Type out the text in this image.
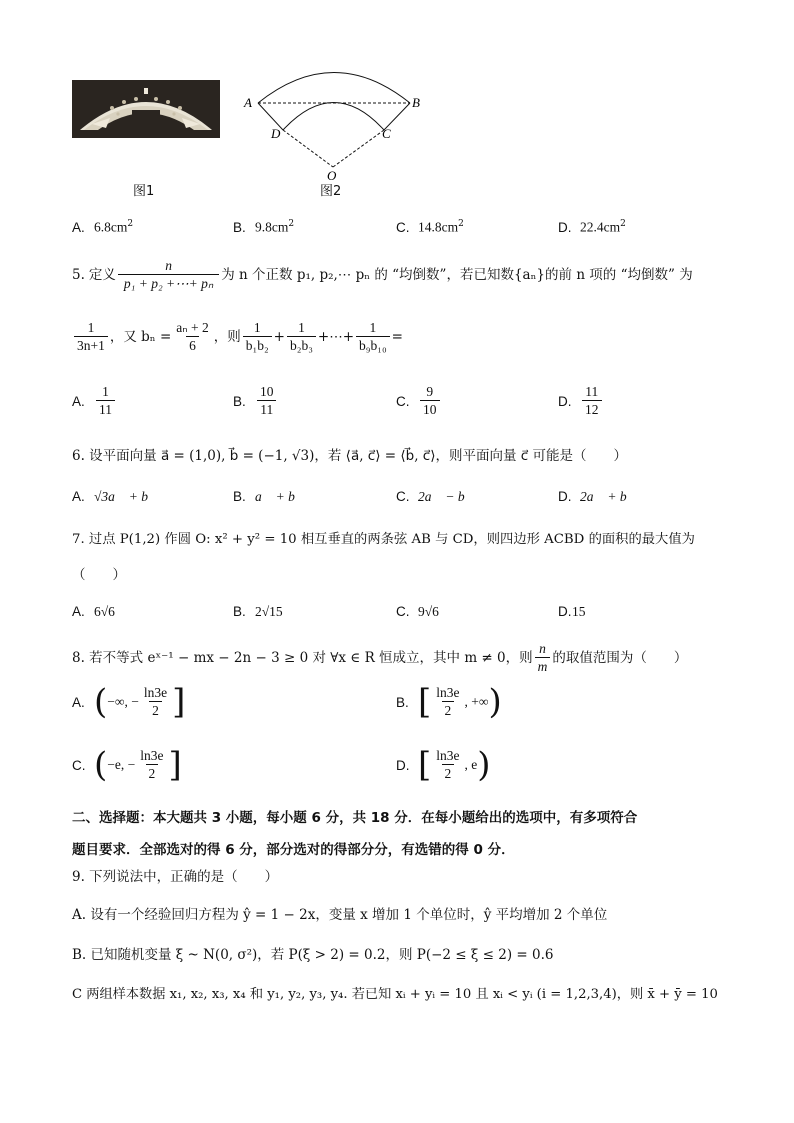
图1
A	B
D	C
O
图2
A. $6.8cm^2$	B. $9.8cm^2$	C. $14.8cm^2$	D. $22.4cm^2$
5. 定义 $\frac{n}{\text{p₁ + p₂ +⋯+ pₙ}}$ 为 n 个正数 p₁, p₂,⋯ pₙ 的 “均倒数”，若已知数{aₙ}的前 n 项的 “均倒数” 为
$\frac{1}{3n+1}$ ，又 $b_n = \frac{\text{aₙ + 2}}{6}$ ，则 $\frac{1}{\text{b₁b₂}} + \frac{1}{\text{b₂b₃}}$ +⋯+ $\frac{1}{\text{b₉b₁₀}}$ =
A. $\frac{1}{11}$	B. $\frac{10}{11}$	C. $\frac{9}{10}$	D. $\frac{11}{12}$
6. 设平面向量 a⃗ = (1,0), b⃗ = (−1, √3)，若 ⟨a⃗, c⃗⟩ = ⟨b⃗, c⃗⟩，则平面向量 c⃗ 可能是（　　）
A. √3a⃗ + b⃗	B. a⃗ + b⃗	C. 2a⃗ − b⃗	D. 2a⃗ + b⃗
7. 过点 P(1,2) 作圆 O: x² + y² = 10 相互垂直的两条弦 AB 与 CD，则四边形 ACBD 的面积的最大值为
（　　）
A. 6√6	B. 2√15	C. 9√6	D.15
8. 若不等式 eˣ⁻¹ − mx − 2n − 3 ≥ 0 对 ∀x ∈ R 恒成立，其中 m ≠ 0，则 $\frac{n}{m}$ 的取值范围为（　　）
A. ( −∞, − $\frac{\ln 3e}{2}$ ]	B. [ $\frac{\ln 3e}{2}$ , +∞ )
C. ( −e, − $\frac{\ln 3e}{2}$ ]	D. [ $\frac{\ln 3e}{2}$ , e )
二、选择题：本大题共 3 小题，每小题 6 分，共 18 分．在每小题给出的选项中，有多项符合
题目要求．全部选对的得 6 分，部分选对的得部分分，有选错的得 0 分．
9. 下列说法中，正确的是（　　）
A. 设有一个经验回归方程为 ŷ = 1 − 2x，变量 x 增加 1 个单位时，ŷ 平均增加 2 个单位
B. 已知随机变量 ξ ~ N(0, σ²)，若 P(ξ > 2) = 0.2，则 P(−2 ≤ ξ ≤ 2) = 0.6
C 两组样本数据 x₁, x₂, x₃, x₄ 和 y₁, y₂, y₃, y₄. 若已知 xᵢ + yᵢ = 10 且 xᵢ < yᵢ (i = 1,2,3,4)，则 x̄ + ȳ = 10
